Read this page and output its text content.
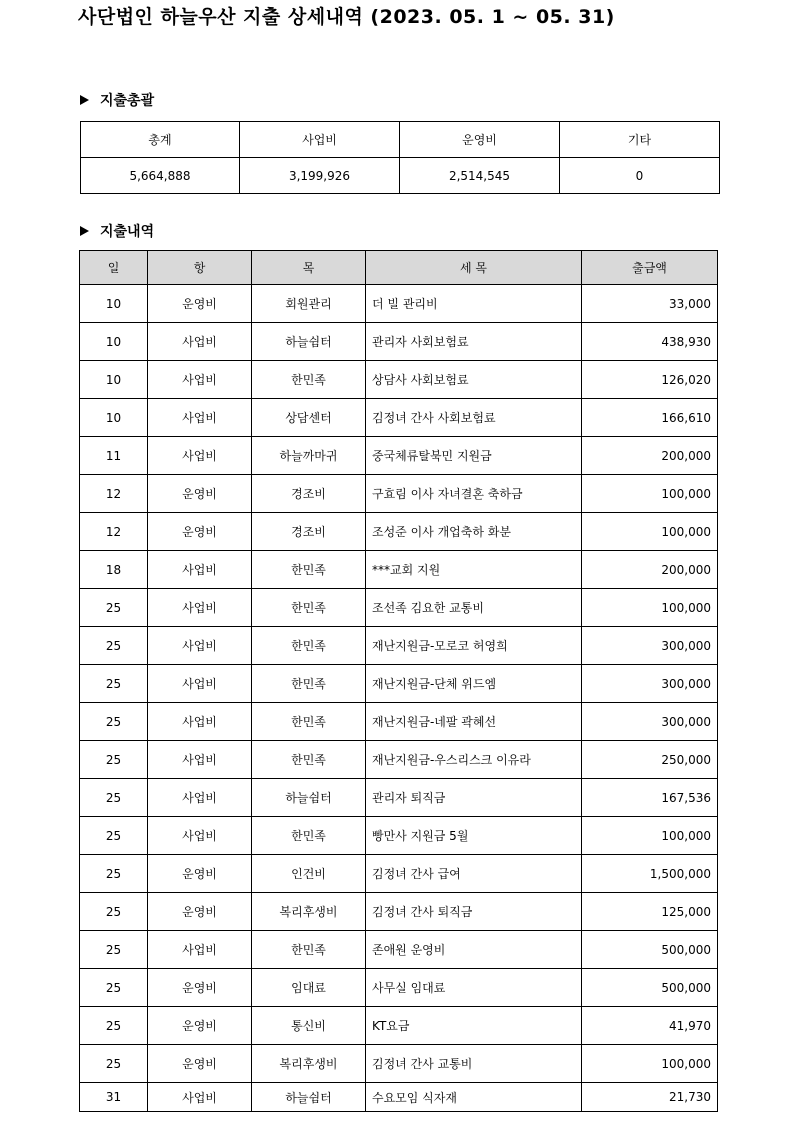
사단법인 하늘우산 지출 상세내역 (2023. 05. 1 ~ 05. 31)
지출총괄
총계	사업비	운영비	기타
5,664,888	3,199,926	2,514,545	0
지출내역
일	항	목	세 목	출금액
10	운영비	회원관리	더 빌 관리비	33,000
10	사업비	하늘쉼터	관리자 사회보험료	438,930
10	사업비	한민족	상담사 사회보험료	126,020
10	사업비	상담센터	김정녀 간사 사회보험료	166,610
11	사업비	하늘까마귀	중국체류탈북민 지원금	200,000
12	운영비	경조비	구효림 이사 자녀결혼 축하금	100,000
12	운영비	경조비	조성준 이사 개업축하 화분	100,000
18	사업비	한민족	***교회 지원	200,000
25	사업비	한민족	조선족 김요한 교통비	100,000
25	사업비	한민족	재난지원금-모로코 허영희	300,000
25	사업비	한민족	재난지원금-단체 위드엠	300,000
25	사업비	한민족	재난지원금-네팔 곽혜선	300,000
25	사업비	한민족	재난지원금-우스리스크 이유라	250,000
25	사업비	하늘쉼터	관리자 퇴직금	167,536
25	사업비	한민족	빵만사 지원금 5월	100,000
25	운영비	인건비	김정녀 간사 급여	1,500,000
25	운영비	복리후생비	김정녀 간사 퇴직금	125,000
25	사업비	한민족	존애원 운영비	500,000
25	운영비	임대료	사무실 임대료	500,000
25	운영비	통신비	KT요금	41,970
25	운영비	복리후생비	김정녀 간사 교통비	100,000
31	사업비	하늘쉼터	수요모임 식자재	21,730
